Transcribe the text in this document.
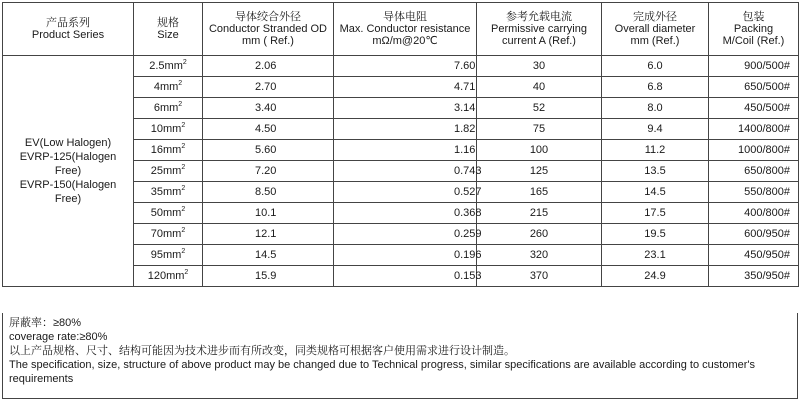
产品系列
Product Series	规格
Size	导体绞合外径
Conductor Stranded OD
mm ( Ref.)	导体电阻
Max. Conductor resistance
mΩ/m@20℃	参考允载电流
Permissive carrying
current A (Ref.)	完成外径
Overall diameter
mm (Ref.)	包装
Packing
M/Coil (Ref.)

EV(Low Halogen)
EVRP-125(Halogen Free)
EVRP-150(Halogen Free)	$2.5mm^2$	2.06	7.60	30	6.0	900/500#
	$4mm^2$	2.70	4.71	40	6.8	650/500#
	$6mm^2$	3.40	3.14	52	8.0	450/500#
	$10mm^2$	4.50	1.82	75	9.4	1400/800#
	$16mm^2$	5.60	1.16	100	11.2	1000/800#
	$25mm^2$	7.20	0.743	125	13.5	650/800#
	$35mm^2$	8.50	0.527	165	14.5	550/800#
	$50mm^2$	10.1	0.368	215	17.5	400/800#
	$70mm^2$	12.1	0.259	260	19.5	600/950#
	$95mm^2$	14.5	0.196	320	23.1	450/950#
	$120mm^2$	15.9	0.153	370	24.9	350/950#
屏蔽率：≥80%
coverage rate:≥80%
以上产品规格、尺寸、结构可能因为技术进步而有所改变，同类规格可根据客户使用需求进行设计制造。
The specification, size, structure of above product may be changed due to Technical progress, similar specifications are available according to customer's requirements
